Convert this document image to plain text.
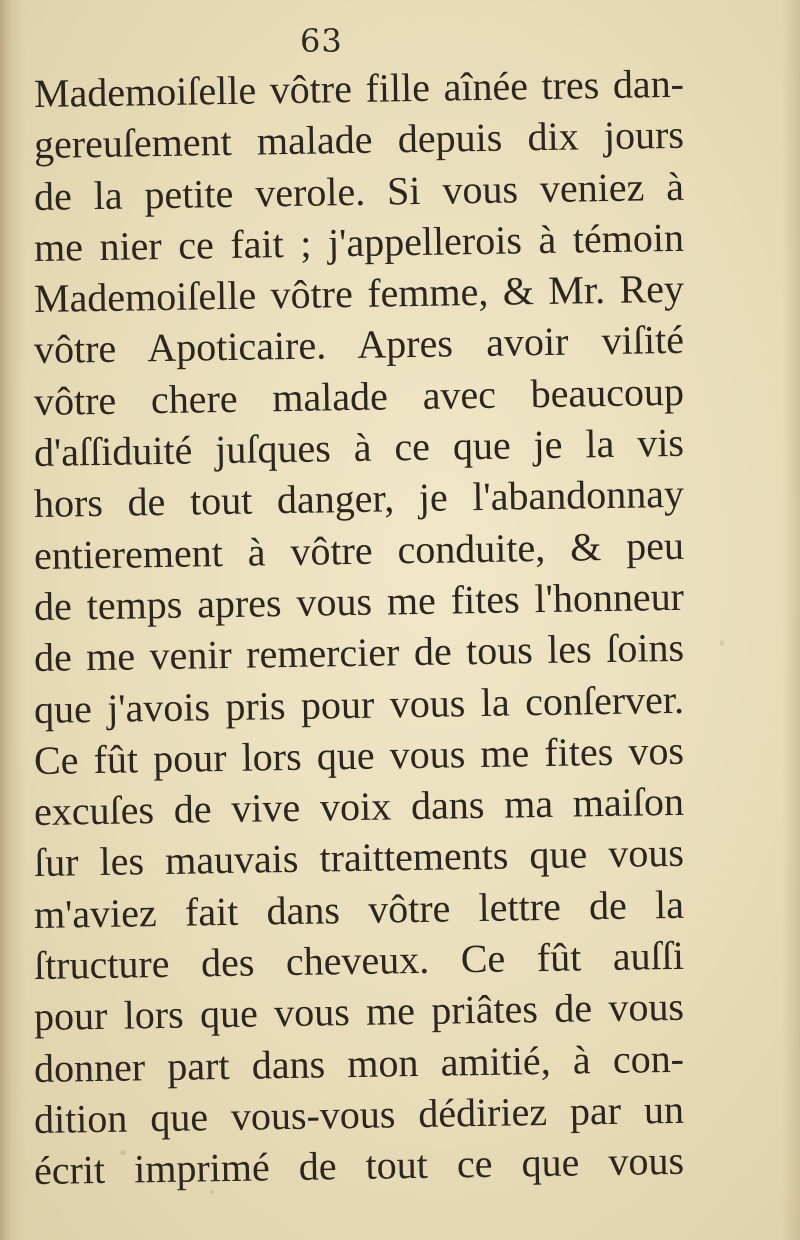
63
Mademoiſelle vôtre fille aînée tres dan-
gereuſement malade depuis dix jours
de la petite verole. Si vous veniez à
me nier ce fait ; j'appellerois à témoin
Mademoiſelle vôtre femme, & Mr. Rey
vôtre Apoticaire. Apres avoir viſité
vôtre chere malade avec beaucoup
d'aſſiduité juſques à ce que je la vis
hors de tout danger, je l'abandonnay
entierement à vôtre conduite, & peu
de temps apres vous me fites l'honneur
de me venir remercier de tous les ſoins
que j'avois pris pour vous la conſerver.
Ce fût pour lors que vous me fites vos
excuſes de vive voix dans ma maiſon
ſur les mauvais traittements que vous
m'aviez fait dans vôtre lettre de la
ſtructure des cheveux. Ce fût auſſi
pour lors que vous me priâtes de vous
donner part dans mon amitié, à con-
dition que vous-vous dédiriez par un
écrit imprimé de tout ce que vous
